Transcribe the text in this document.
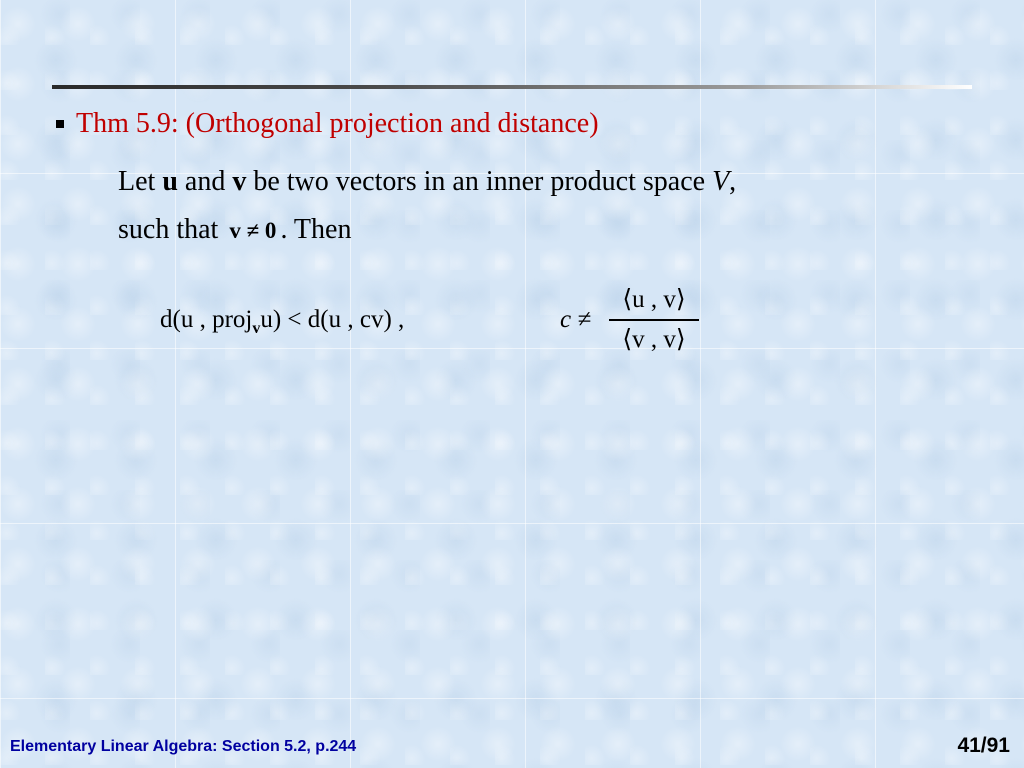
Thm 5.9: (Orthogonal projection and distance)
Let u and v be two vectors in an inner product space V,
such that v ≠ 0 . Then
d(u , proj$_v$u) < d(u , cv) ,	c ≠
⟨u , v⟩
⟨v , v⟩
Elementary Linear Algebra: Section 5.2, p.244	41/91
